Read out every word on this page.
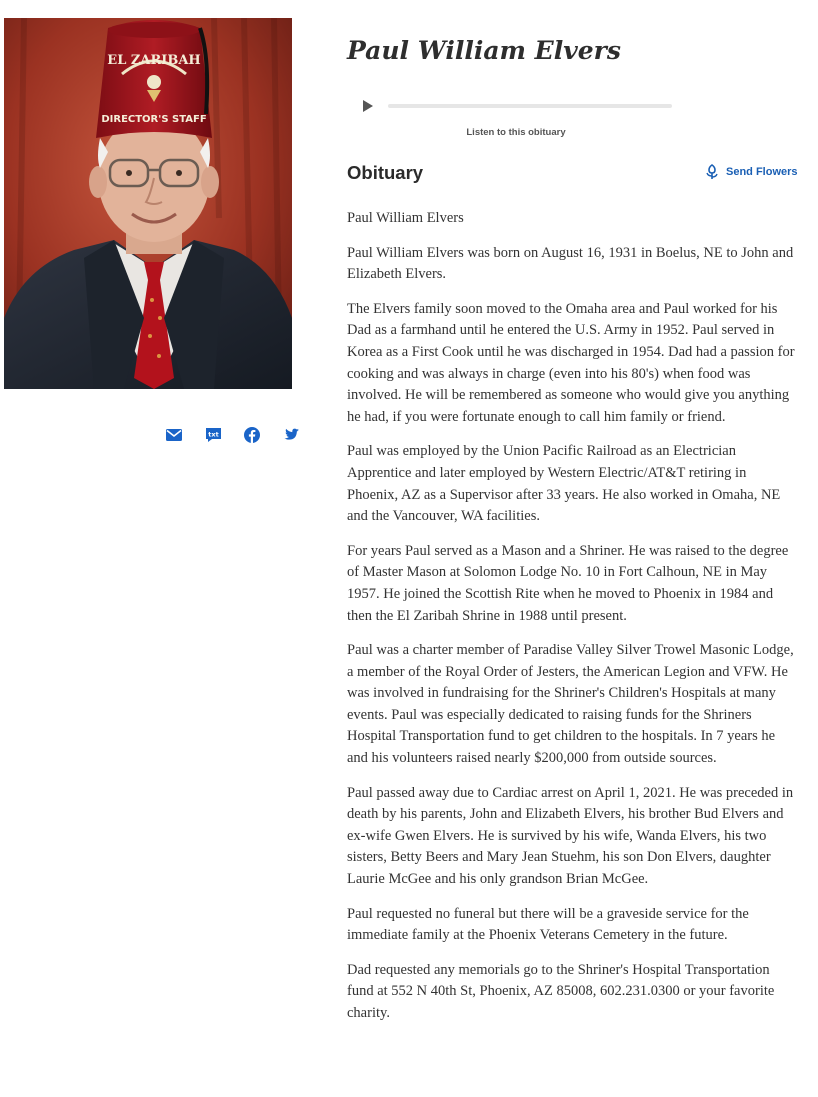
EL ZARIBAH
DIRECTOR'S STAFF
txt
Paul William Elvers
Listen to this obituary
Obituary	Send Flowers

Paul William Elvers

Paul William Elvers was born on August 16, 1931 in Boelus, NE to John and Elizabeth Elvers.

The Elvers family soon moved to the Omaha area and Paul worked for his Dad as a farmhand until he entered the U.S. Army in 1952. Paul served in Korea as a First Cook until he was discharged in 1954. Dad had a passion for cooking and was always in charge (even into his 80's) when food was involved. He will be remembered as someone who would give you anything he had, if you were fortunate enough to call him family or friend.

Paul was employed by the Union Pacific Railroad as an Electrician Apprentice and later employed by Western Electric/AT&T retiring in Phoenix, AZ as a Supervisor after 33 years. He also worked in Omaha, NE and the Vancouver, WA facilities.

For years Paul served as a Mason and a Shriner. He was raised to the degree of Master Mason at Solomon Lodge No. 10 in Fort Calhoun, NE in May 1957. He joined the Scottish Rite when he moved to Phoenix in 1984 and then the El Zaribah Shrine in 1988 until present.

Paul was a charter member of Paradise Valley Silver Trowel Masonic Lodge, a member of the Royal Order of Jesters, the American Legion and VFW. He was involved in fundraising for the Shriner's Children's Hospitals at many events. Paul was especially dedicated to raising funds for the Shriners Hospital Transportation fund to get children to the hospitals. In 7 years he and his volunteers raised nearly $200,000 from outside sources.

Paul passed away due to Cardiac arrest on April 1, 2021. He was preceded in death by his parents, John and Elizabeth Elvers, his brother Bud Elvers and ex-wife Gwen Elvers. He is survived by his wife, Wanda Elvers, his two sisters, Betty Beers and Mary Jean Stuehm, his son Don Elvers, daughter Laurie McGee and his only grandson Brian McGee.

Paul requested no funeral but there will be a graveside service for the immediate family at the Phoenix Veterans Cemetery in the future.

Dad requested any memorials go to the Shriner's Hospital Transportation fund at 552 N 40th St, Phoenix, AZ 85008, 602.231.0300 or your favorite charity.
